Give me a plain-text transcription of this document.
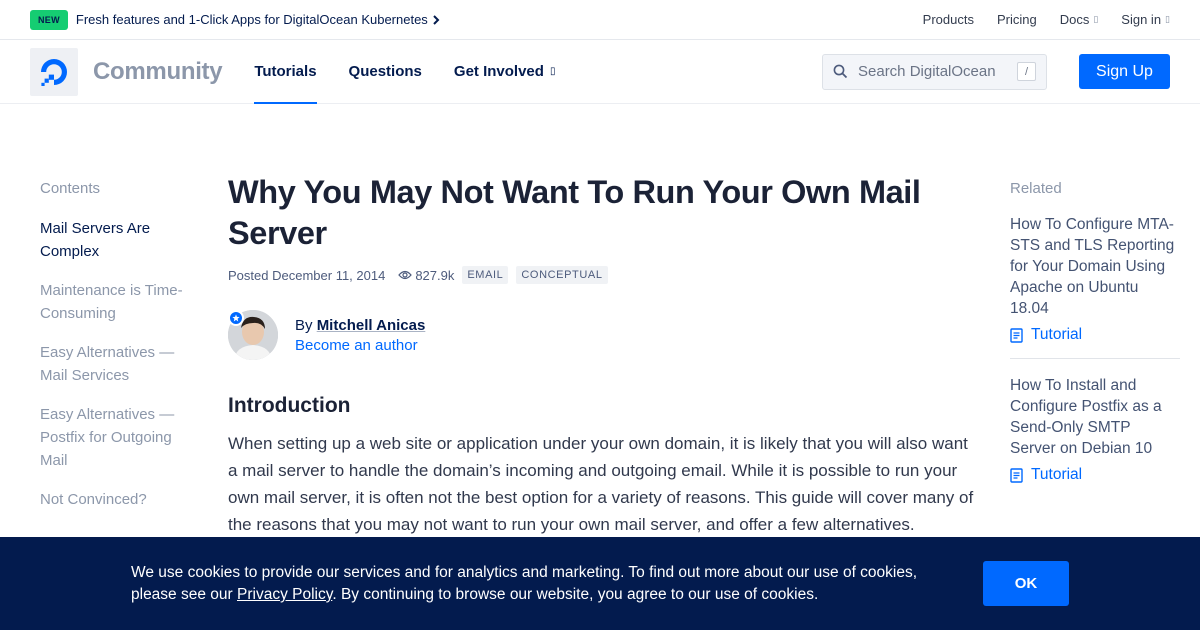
NEW	Fresh features and 1-Click Apps for DigitalOcean Kubernetes	Products Pricing Docs ▯ Sign in ▯
Community Tutorials Questions Get Involved ▯	Search DigitalOcean	/	Sign Up
Contents
Mail Servers Are Complex
Maintenance is Time-Consuming
Easy Alternatives — Mail Services
Easy Alternatives — Postfix for Outgoing Mail
Not Convinced?
Why You May Not Want To Run Your Own Mail Server
Posted
December 11, 2014 827.9k	EMAIL	CONCEPTUAL
By Mitchell Anicas
Become an author
Introduction

When setting up a web site or application under your own domain, it is likely that you will also want a mail server to handle the domain’s incoming and outgoing email. While it is possible to run your own mail server, it is often not the best option for a variety of reasons. This guide will cover many of the reasons that you may not want to run your own mail server, and offer a few alternatives.

Related
How To Configure MTA-STS and TLS Reporting for Your Domain Using Apache on Ubuntu 18.04
Tutorial
How To Install and Configure Postfix as a Send-Only SMTP Server on Debian 10
Tutorial
We use cookies to provide our services and for analytics and marketing. To find out more about our use of cookies, please see our Privacy Policy. By continuing to browse our website, you agree to our use of cookies.
OK
